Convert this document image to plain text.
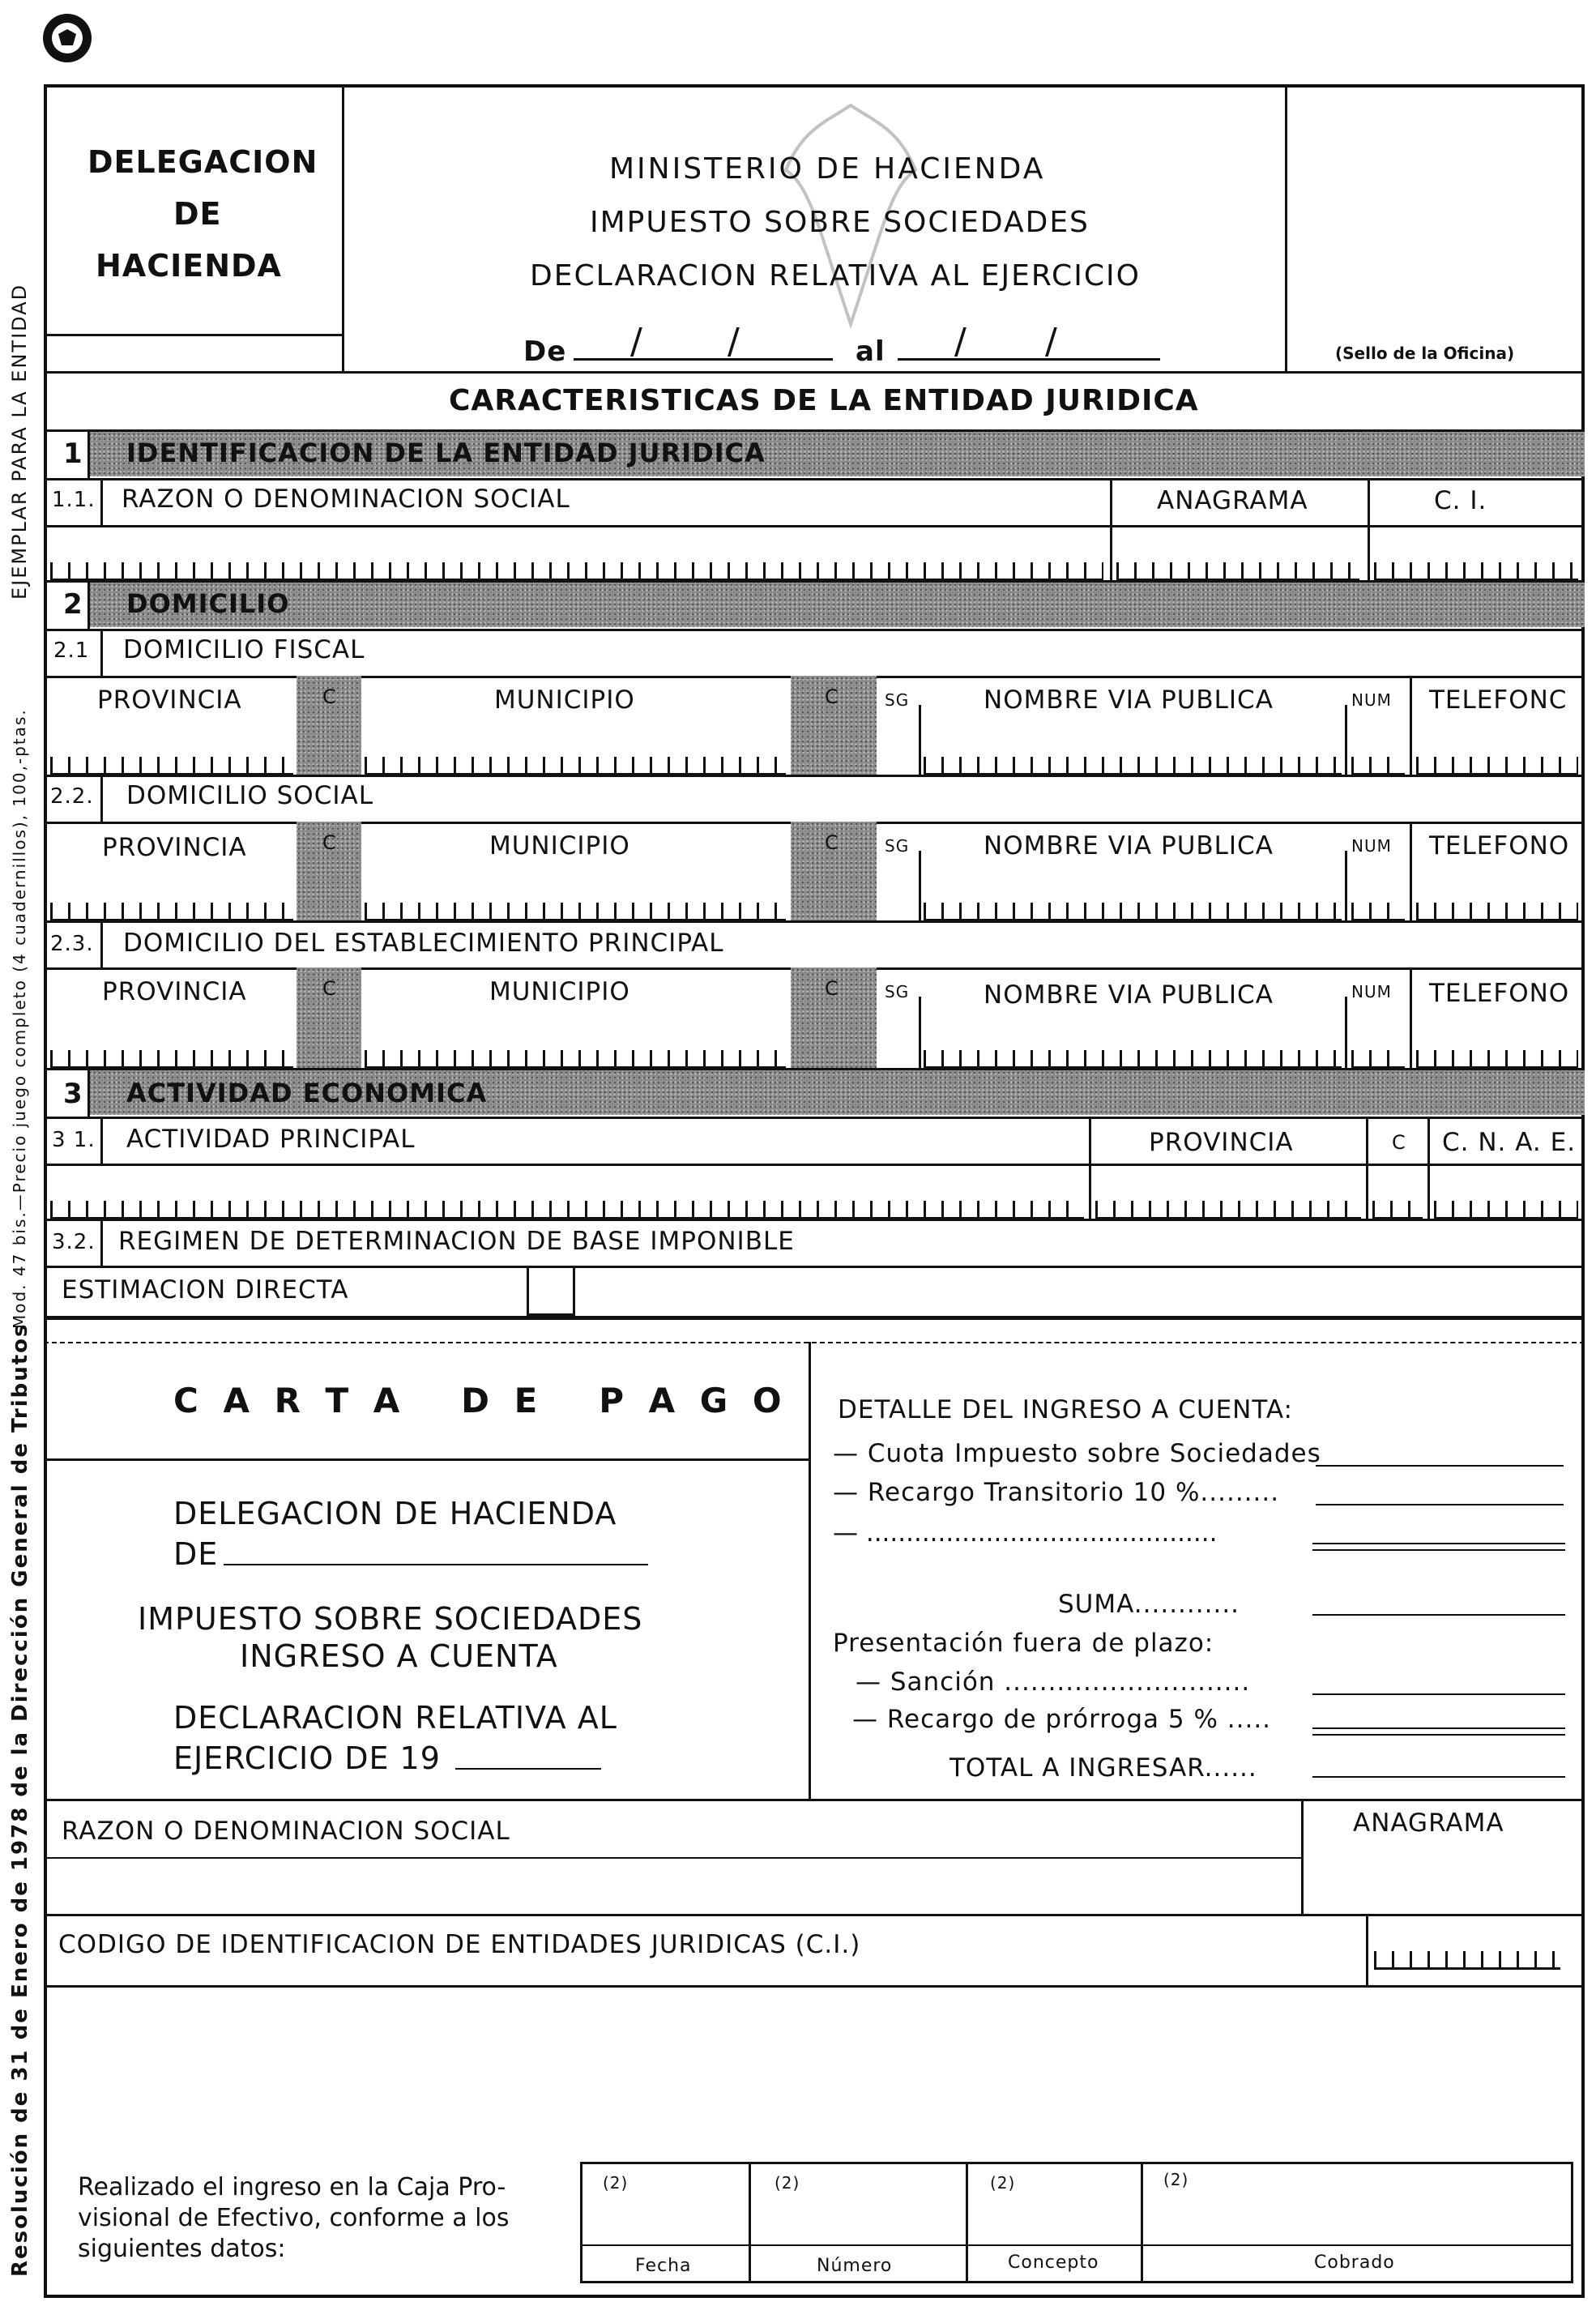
EJEMPLAR PARA LA ENTIDAD
Mod. 47 bis.—Precio juego completo (4 cuadernillos), 100,-ptas.
Resolución de 31 de Enero de 1978 de la Dirección General de Tributos
DELEGACION
DE
HACIENDA
MINISTERIO DE HACIENDA
IMPUESTO SOBRE SOCIEDADES
DECLARACION RELATIVA AL EJERCICIO
De / /	al / /	(Sello de la Oficina)
CARACTERISTICAS DE LA ENTIDAD JURIDICA
1 IDENTIFICACION DE LA ENTIDAD JURIDICA
1.1. RAZON O DENOMINACION SOCIAL	ANAGRAMA	C. I.
2 DOMICILIO
2.1 DOMICILIO FISCAL
PROVINCIA	C	MUNICIPIO	C	SG	NOMBRE VIA PUBLICA	NUM TELEFONC
2.2. DOMICILIO SOCIAL
PROVINCIA	C	MUNICIPIO	C	SG	NOMBRE VIA PUBLICA	NUM TELEFONO
2.3. DOMICILIO DEL ESTABLECIMIENTO PRINCIPAL
PROVINCIA	C	MUNICIPIO	C	SG	NOMBRE VIA PUBLICA	NUM TELEFONO
3 ACTIVIDAD ECONOMICA
3 1. ACTIVIDAD PRINCIPAL	PROVINCIA	C C. N. A. E.
3.2. REGIMEN DE DETERMINACION DE BASE IMPONIBLE
ESTIMACION DIRECTA
C A R T A   D E   P A G O
DELEGACION DE HACIENDA
DE
IMPUESTO SOBRE SOCIEDADES
INGRESO A CUENTA
DECLARACION RELATIVA AL
EJERCICIO DE 19
DETALLE DEL INGRESO A CUENTA:
— Cuota Impuesto sobre Sociedades
— Recargo Transitorio 10 %.........
— ............................................
SUMA............
Presentación fuera de plazo:
— Sanción ............................
— Recargo de prórroga 5 % .....
TOTAL A INGRESAR......
RAZON O DENOMINACION SOCIAL	ANAGRAMA
CODIGO DE IDENTIFICACION DE ENTIDADES JURIDICAS (C.I.)
Realizado el ingreso en la Caja Pro-
visional de Efectivo, conforme a los
siguientes datos:
(2)	(2)	(2)	(2)
Fecha	Número	Concepto	Cobrado
